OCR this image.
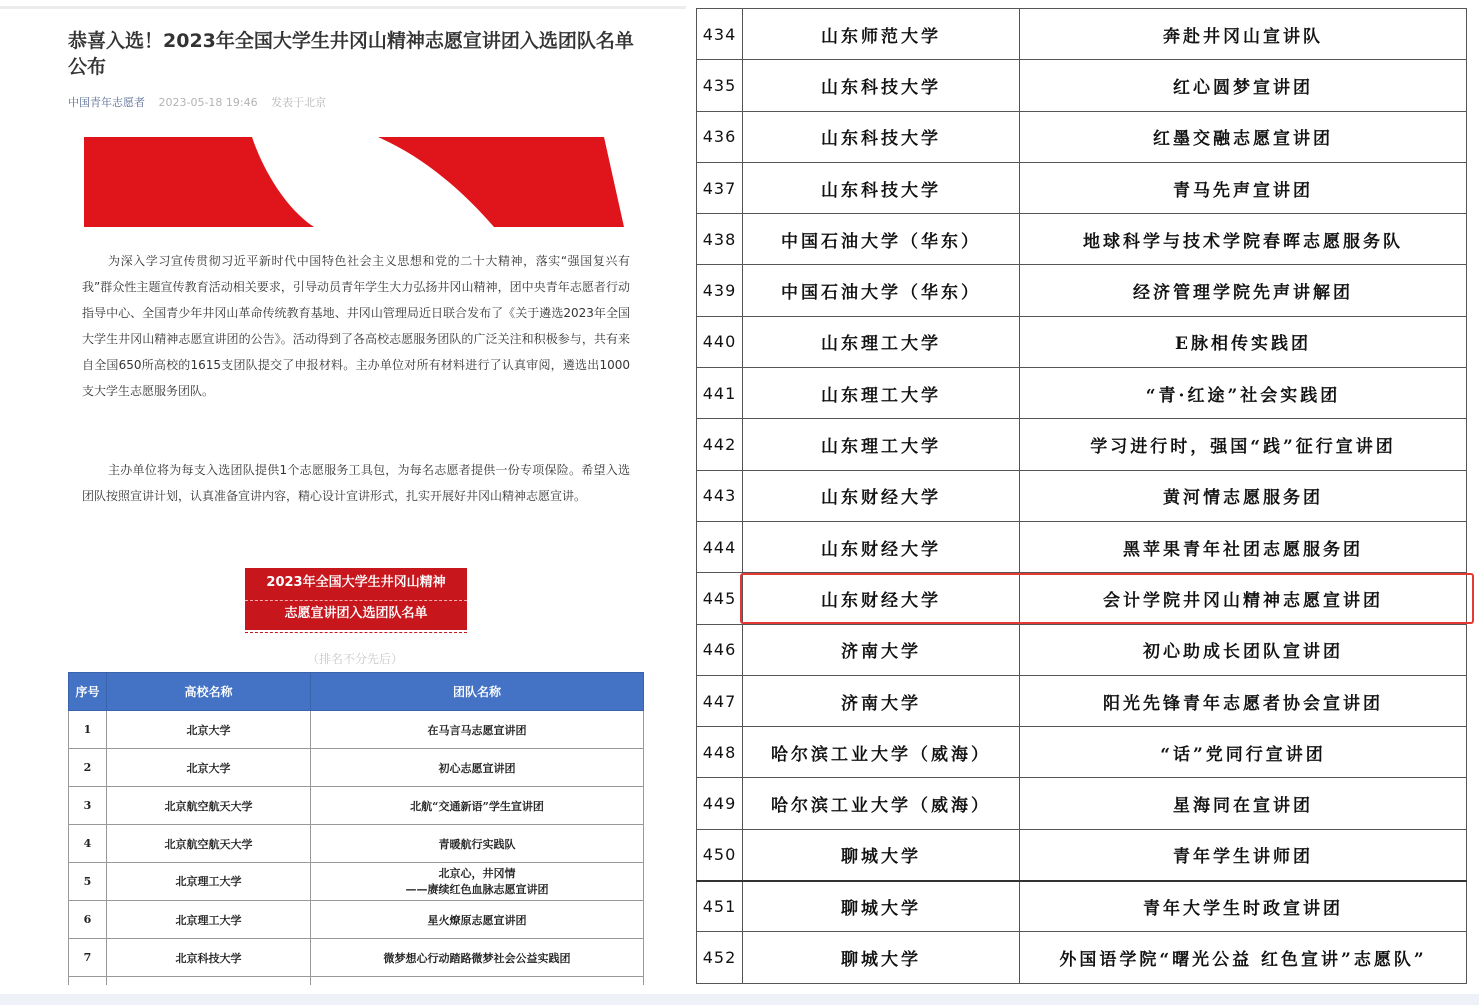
恭喜入选！2023年全国大学生井冈山精神志愿宣讲团入选团队名单公布
中国青年志愿者 2023-05-18 19:46 发表于北京

为深入学习宣传贯彻习近平新时代中国特色社会主义思想和党的二十大精神，落实“强国复兴有我”群众性主题宣传教育活动相关要求，引导动员青年学生大力弘扬井冈山精神，团中央青年志愿者行动指导中心、全国青少年井冈山革命传统教育基地、井冈山管理局近日联合发布了《关于遴选2023年全国大学生井冈山精神志愿宣讲团的公告》。活动得到了各高校志愿服务团队的广泛关注和积极参与，共有来自全国650所高校的1615支团队提交了申报材料。主办单位对所有材料进行了认真审阅，遴选出1000支大学生志愿服务团队。

主办单位将为每支入选团队提供1个志愿服务工具包，为每名志愿者提供一份专项保险。希望入选团队按照宣讲计划，认真准备宣讲内容，精心设计宣讲形式，扎实开展好井冈山精神志愿宣讲。

2023年全国大学生井冈山精神
志愿宣讲团入选团队名单
（排名不分先后）
序号	高校名称	团队名称
1	北京大学	在马言马志愿宣讲团
2	北京大学	初心志愿宣讲团
3	北京航空航天大学	北航“交通新语”学生宣讲团
4	北京航空航天大学	青暖航行实践队
5	北京理工大学	北京心，井冈情
——赓续红色血脉志愿宣讲团

6	北京理工大学	星火燎原志愿宣讲团
7	北京科技大学	微梦想心行动踏路微梦社会公益实践团

434	山东师范大学	奔赴井冈山宣讲队
435	山东科技大学	红心圆梦宣讲团
436	山东科技大学	红墨交融志愿宣讲团
437	山东科技大学	青马先声宣讲团
438	中国石油大学（华东）	地球科学与技术学院春晖志愿服务队
439	中国石油大学（华东）	经济管理学院先声讲解团
440	山东理工大学	E脉相传实践团
441	山东理工大学	“青·红途”社会实践团
442	山东理工大学	学习进行时，强国“践”征行宣讲团
443	山东财经大学	黄河情志愿服务团
444	山东财经大学	黑苹果青年社团志愿服务团
445	山东财经大学	会计学院井冈山精神志愿宣讲团
446	济南大学	初心助成长团队宣讲团
447	济南大学	阳光先锋青年志愿者协会宣讲团
448	哈尔滨工业大学（威海）	“话”党同行宣讲团
449	哈尔滨工业大学（威海）	星海同在宣讲团
450	聊城大学	青年学生讲师团
451	聊城大学	青年大学生时政宣讲团
452	聊城大学	外国语学院“曙光公益 红色宣讲”志愿队”
